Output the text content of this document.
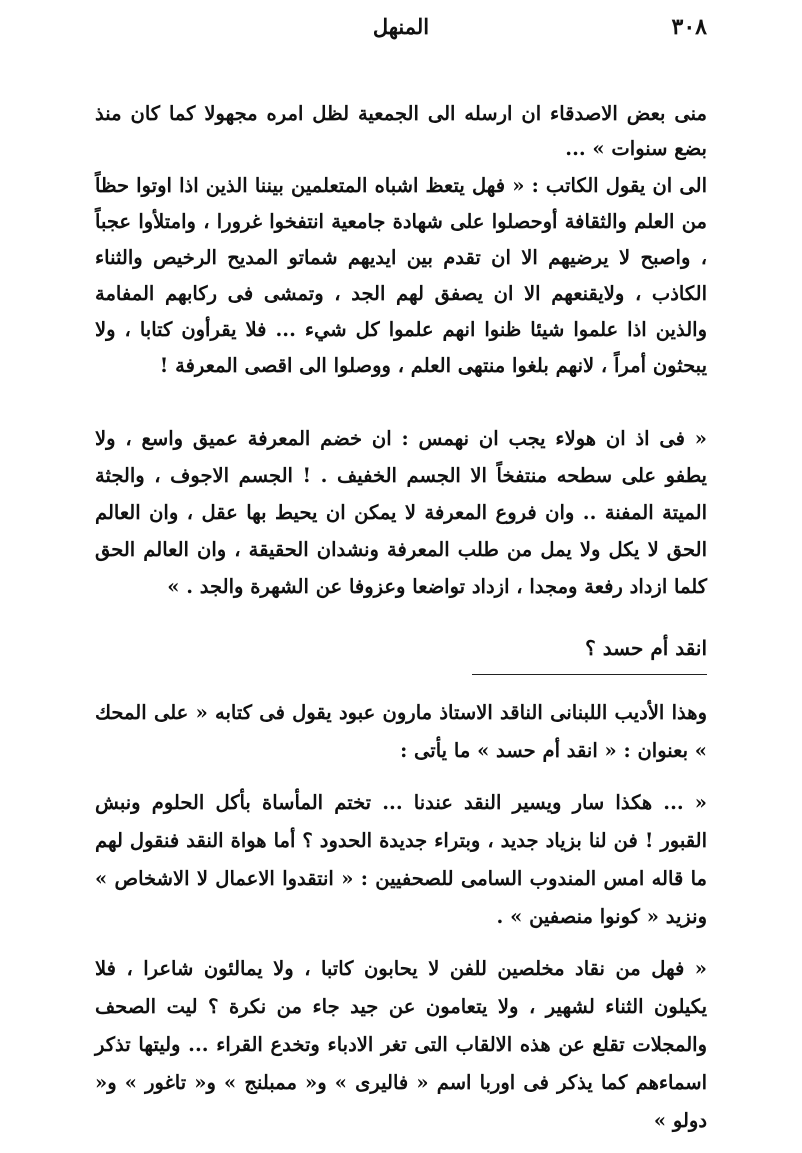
٣٠٨
المنهل

منى بعض الاصدقاء ان ارسله الى الجمعية لظل امره مجهولا كما كان منذ بضع سنوات » ...

الى ان يقول الكاتب : « فهل يتعظ اشباه المتعلمين بيننا الذين اذا اوتوا حظاً من العلم والثقافة أوحصلوا على شهادة جامعية انتفخوا غرورا ، وامتلأوا عجباً ، واصبح لا يرضيهم الا ان تقدم بين ايديهم شماتو المديح الرخيص والثناء الكاذب ، ولايقنعهم الا ان يصفق لهم الجد ، وتمشى فى ركابهم المفامة والذين اذا علموا شيئا ظنوا انهم علموا كل شيء ... فلا يقرأون كتابا ، ولا يبحثون أمراً ، لانهم بلغوا منتهى العلم ، ووصلوا الى اقصى المعرفة !

« فى اذ ان هولاء يجب ان نهمس : ان خضم المعرفة عميق واسع ، ولا يطفو على سطحه منتفخاً الا الجسم الخفيف . ! الجسم الاجوف ، والجثة الميتة المفنة .. وان فروع المعرفة لا يمكن ان يحيط بها عقل ، وان العالم الحق لا يكل ولا يمل من طلب المعرفة ونشدان الحقيقة ، وان العالم الحق كلما ازداد رفعة ومجدا ، ازداد تواضعا وعزوفا عن الشهرة والجد . »

انقد أم حسد ؟

وهذا الأديب اللبنانى الناقد الاستاذ مارون عبود يقول فى كتابه « على المحك » بعنوان : « انقد أم حسد » ما يأتى :

« ... هكذا سار ويسير النقد عندنا ... تختم المأساة بأكل الحلوم ونبش القبور ! فن لنا بزياد جديد ، وبتراء جديدة الحدود ؟ أما هواة النقد فنقول لهم ما قاله امس المندوب السامى للصحفيين : « انتقدوا الاعمال لا الاشخاص » ونزيد « كونوا منصفين » .

« فهل من نقاد مخلصين للفن لا يحابون كاتبا ، ولا يمالئون شاعرا ، فلا يكيلون الثناء لشهير ، ولا يتعامون عن جيد جاء من نكرة ؟ ليت الصحف والمجلات تقلع عن هذه الالقاب التى تغر الادباء وتخدع القراء ... وليتها تذكر اسماءهم كما يذكر فى اوربا اسم « فاليرى » و« ممبلنج » و« تاغور » و« دولو »
